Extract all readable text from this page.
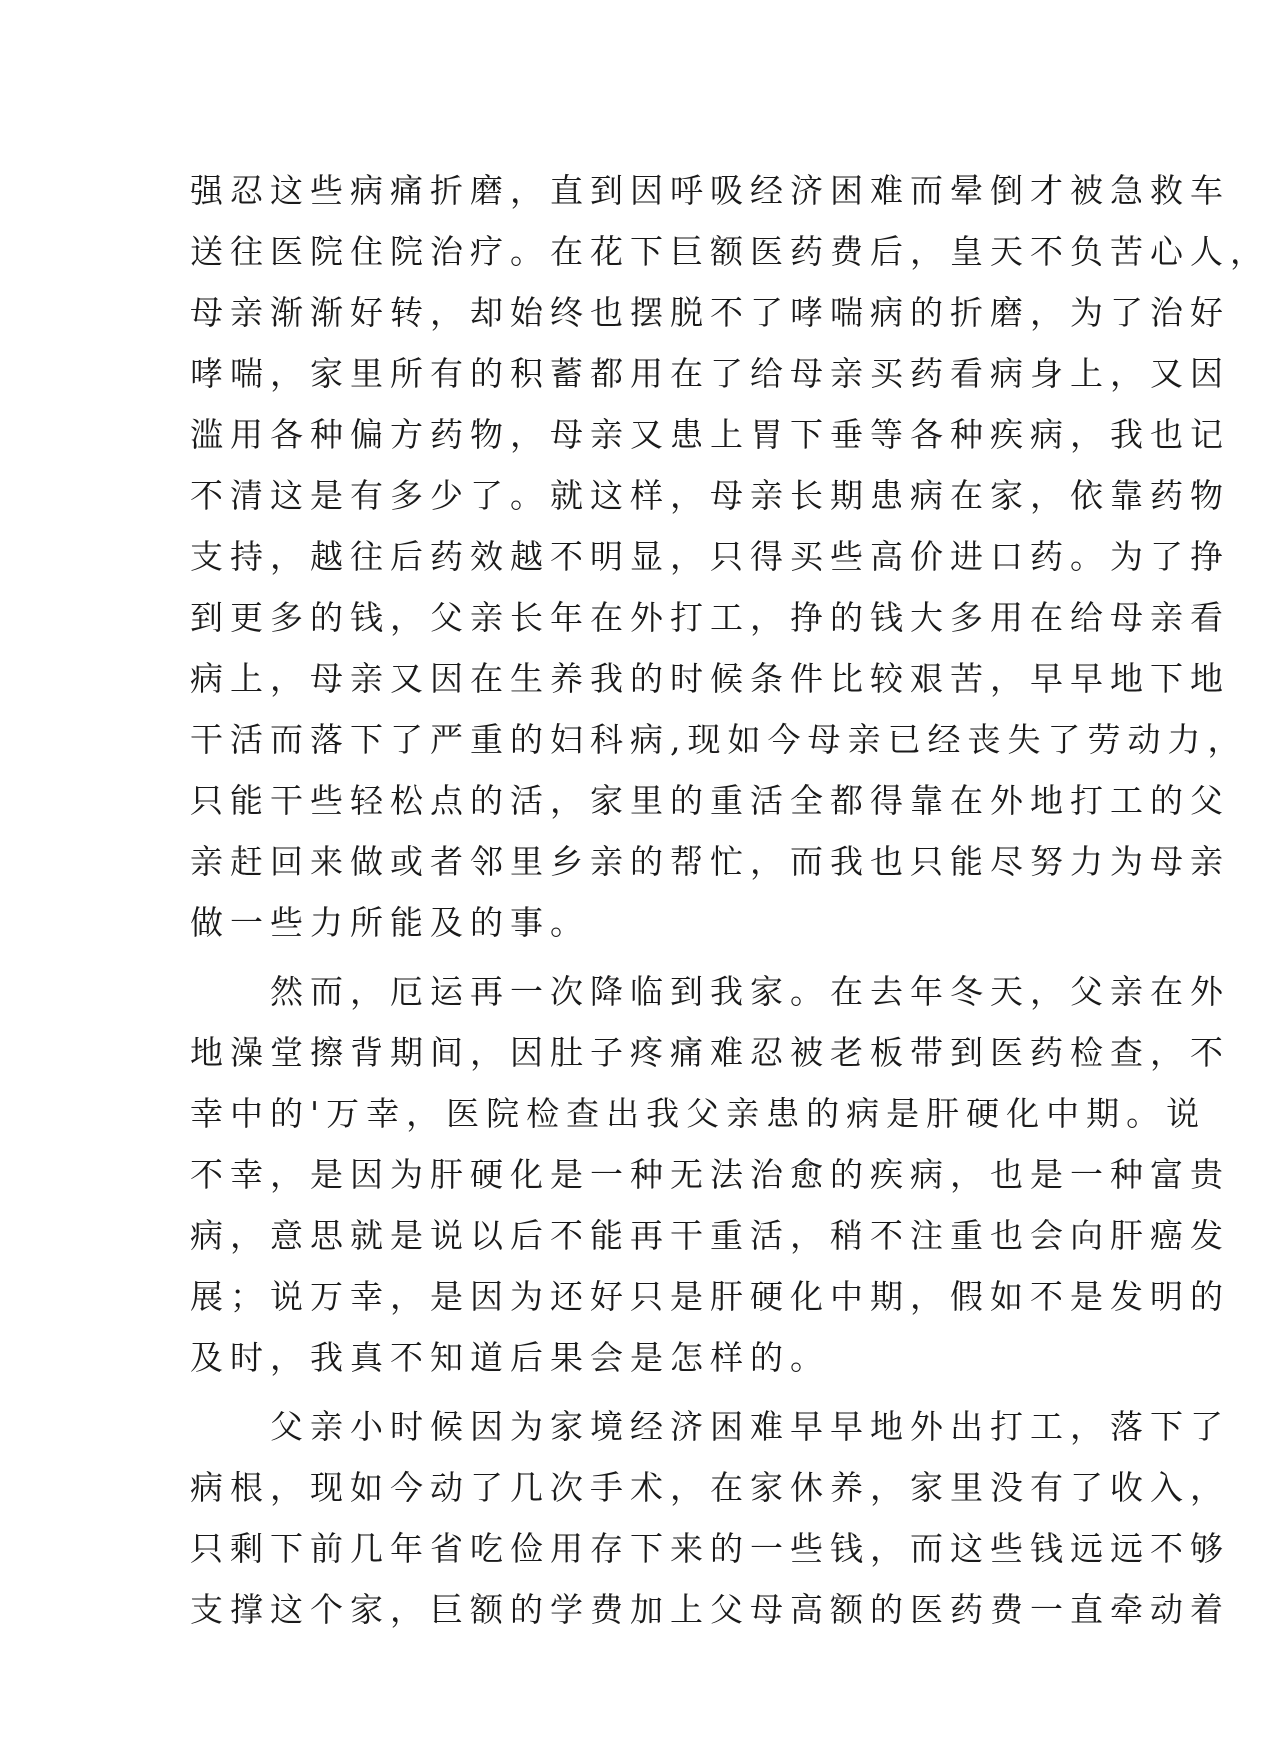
强忍这些病痛折磨，直到因呼吸经济困难而晕倒才被急救车
送往医院住院治疗。在花下巨额医药费后，皇天不负苦心人，
母亲渐渐好转，却始终也摆脱不了哮喘病的折磨，为了治好
哮喘，家里所有的积蓄都用在了给母亲买药看病身上，又因
滥用各种偏方药物，母亲又患上胃下垂等各种疾病，我也记
不清这是有多少了。就这样，母亲长期患病在家，依靠药物
支持，越往后药效越不明显，只得买些高价进口药。为了挣
到更多的钱，父亲长年在外打工，挣的钱大多用在给母亲看
病上，母亲又因在生养我的时候条件比较艰苦，早早地下地
干活而落下了严重的妇科病,现如今母亲已经丧失了劳动力，
只能干些轻松点的活，家里的重活全都得靠在外地打工的父
亲赶回来做或者邻里乡亲的帮忙，而我也只能尽努力为母亲
做一些力所能及的事。
　　然而，厄运再一次降临到我家。在去年冬天，父亲在外
地澡堂擦背期间，因肚子疼痛难忍被老板带到医药检查，不
幸中的'万幸，医院检查出我父亲患的病是肝硬化中期。说
不幸，是因为肝硬化是一种无法治愈的疾病，也是一种富贵
病，意思就是说以后不能再干重活，稍不注重也会向肝癌发
展；说万幸，是因为还好只是肝硬化中期，假如不是发明的
及时，我真不知道后果会是怎样的。
　　父亲小时候因为家境经济困难早早地外出打工，落下了
病根，现如今动了几次手术，在家休养，家里没有了收入，
只剩下前几年省吃俭用存下来的一些钱，而这些钱远远不够
支撑这个家，巨额的学费加上父母高额的医药费一直牵动着
